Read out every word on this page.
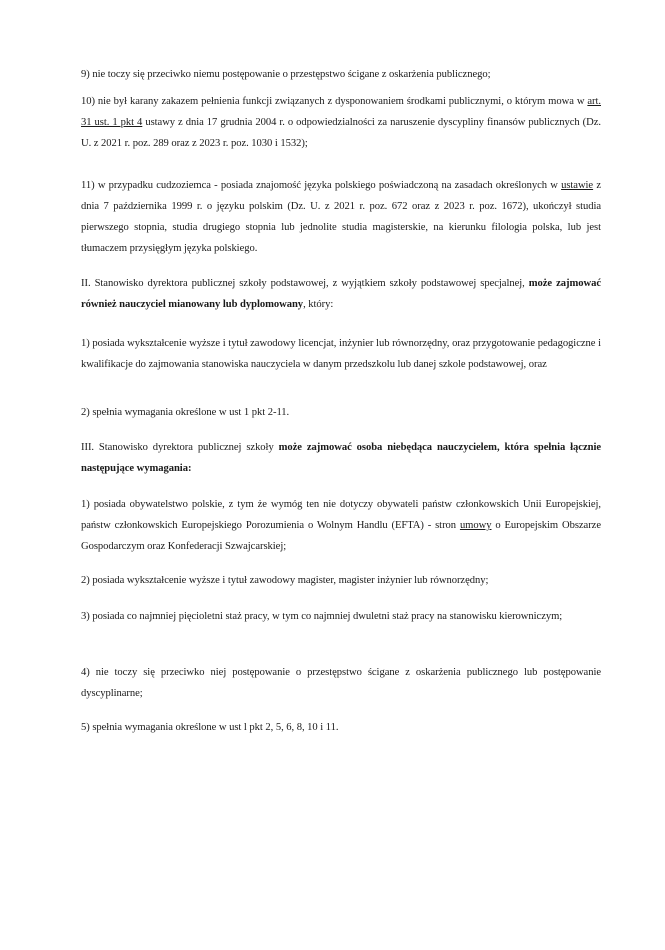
9) nie toczy się przeciwko niemu postępowanie o przestępstwo ścigane z oskarżenia publicznego;

10) nie był karany zakazem pełnienia funkcji związanych z dysponowaniem środkami publicznymi, o którym mowa w art. 31 ust. 1 pkt 4 ustawy z dnia 17 grudnia 2004 r. o odpowiedzialności za naruszenie dyscypliny finansów publicznych (Dz. U. z 2021 r. poz. 289 oraz z 2023 r. poz. 1030 i 1532);

11) w przypadku cudzoziemca - posiada znajomość języka polskiego poświadczoną na zasadach określonych w ustawie z dnia 7 października 1999 r. o języku polskim (Dz. U. z 2021 r. poz. 672 oraz z 2023 r. poz. 1672), ukończył studia pierwszego stopnia, studia drugiego stopnia lub jednolite studia magisterskie, na kierunku filologia polska, lub jest tłumaczem przysięgłym języka polskiego.

II. Stanowisko dyrektora publicznej szkoły podstawowej, z wyjątkiem szkoły podstawowej specjalnej, może zajmować również nauczyciel mianowany lub dyplomowany, który:

1) posiada wykształcenie wyższe i tytuł zawodowy licencjat, inżynier lub równorzędny, oraz przygotowanie pedagogiczne i kwalifikacje do zajmowania stanowiska nauczyciela w danym przedszkolu lub danej szkole podstawowej, oraz

2) spełnia wymagania określone w ust 1 pkt 2-11.

III. Stanowisko dyrektora publicznej szkoły może zajmować osoba niebędąca nauczycielem, która spełnia łącznie następujące wymagania:

1) posiada obywatelstwo polskie, z tym że wymóg ten nie dotyczy obywateli państw członkowskich Unii Europejskiej, państw członkowskich Europejskiego Porozumienia o Wolnym Handlu (EFTA) - stron umowy o Europejskim Obszarze Gospodarczym oraz Konfederacji Szwajcarskiej;

2) posiada wykształcenie wyższe i tytuł zawodowy magister, magister inżynier lub równorzędny;

3) posiada co najmniej pięcioletni staż pracy, w tym co najmniej dwuletni staż pracy na stanowisku kierowniczym;

4) nie toczy się przeciwko niej postępowanie o przestępstwo ścigane z oskarżenia publicznego lub postępowanie dyscyplinarne;

5) spełnia wymagania określone w ust l pkt 2, 5, 6, 8, 10 i 11.
